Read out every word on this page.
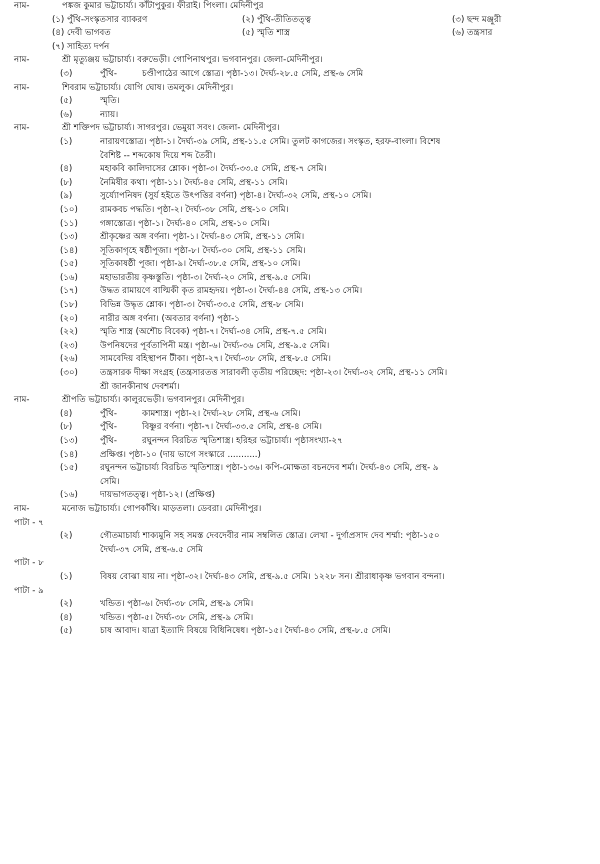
নাম-	পঙ্কজ কুমার ভট্টাচার্য্য। কাঁটাপুকুর। ফীরাই। পিংলা। মেদিনীপুর
(১) পুঁথি-সংস্কৃতসার ব্যাকরণ	(২) পুঁথি-তীতিতত্ত্ব	(৩) ছন্দ মঞ্জুরী
(৪) দেবী ভাগবত	(৫) স্মৃতি শাস্ত্র	(৬) তন্ত্রসার
(৭) সাহিত্য দর্পন
নাম-	শ্রী মৃত্যুঞ্জয় ভট্টাচার্য্য। বরুভেড়ী। গোপিনাথপুর। ভগবানপুর। জেলা-মেদিনীপুর।
(৩)	পুঁথি-	চণ্ডীপাঠের আগে স্তোত্র। পৃষ্ঠা-১৩। দৈর্ঘ্য-২৮.৫ সেমি, প্রস্থ-৬ সেমি
নাম-	শিবরাম ভট্টাচার্য্য। যোগি ঘোষ। তমলুক। মেদিনীপুর।
(৫)	স্মৃতি।
(৬)	ন্যায়।
নাম-	শ্রী শক্তিপদ ভট্টাচার্য্য। সাগরপুর। ভেমুয়া সবং। জেলা- মেদিনীপুর।
(১)	নারায়ণস্তোত্র। পৃষ্ঠা-১। দৈর্ঘ্য-৩৯ সেমি, প্রস্থ-১১.৫ সেমি। তুলট কাগজের। সংস্কৃত, হরফ-বাংলা। বিশেষ
বৈশিষ্ট -- শব্দকোষ দিয়ে শব্দ তৈরী।
(৪)	মহাকবি কালিদাসের শ্লোক। পৃষ্ঠা-৩। দৈর্ঘ্য-৩৩.৫ সেমি, প্রস্থ-৭ সেমি।
(৮)	নৈমিষীর কথা। পৃষ্ঠা-১১। দৈর্ঘ্য-৪৫ সেমি, প্রস্থ-১১ সেমি।
(৯)	সুর্য্যোপনিষদ (সুর্য হইতে উৎপত্তির বর্ণনা) পৃষ্ঠা-৪। দৈর্ঘ্য-৩২ সেমি, প্রস্থ-১০ সেমি।
(১০)	রামকবচ পদ্ধতি। পৃষ্ঠা-২। দৈর্ঘ্য-৩৮ সেমি, প্রস্থ-১০ সেমি।
(১১)	গঙ্গাস্তোত্র। পৃষ্ঠা-১। দৈর্ঘ্য-৪০ সেমি, প্রস্থ-১০ সেমি।
(১৩)	শ্রীকৃষ্ণের অঙ্গ বর্ণনা। পৃষ্ঠা-১। দৈর্ঘ্য-৪৩ সেমি, প্রস্থ-১১ সেমি।
(১৪)	সূতিকাগৃহে ষষ্ঠীপূজা। পৃষ্ঠা-৮। দৈর্ঘ্য-৩০ সেমি, প্রস্থ-১১ সেমি।
(১৫)	সূতিকাষষ্ঠী পূজা। পৃষ্ঠা-৯। দৈর্ঘ্য-৩৮.৫ সেমি, প্রস্থ-১০ সেমি।
(১৬)	মহাভারতীয় কৃষ্ণস্তুতি। পৃষ্ঠা-৩। দৈর্ঘ্য-২০ সেমি, প্রস্থ-৯.৫ সেমি।
(১৭)	উদ্ধত রামায়ণে বাল্মিকী কৃত রামহৃদয়। পৃষ্ঠা-৩। দৈর্ঘ্য-৪৪ সেমি, প্রস্থ-১৩ সেমি।
(১৮)	বিভিন্ন উদ্ধৃত শ্লোক। পৃষ্ঠা-৩। দৈর্ঘ্য-৩৩.৫ সেমি, প্রস্থ-৮ সেমি।
(২০)	নারীর অঙ্গ বর্ণনা। (অবতার বর্ণনা) পৃষ্ঠা-১
(২২)	স্মৃতি শাস্ত্র (অশৌচ বিবেক) পৃষ্ঠা-৭। দৈর্ঘ্য-৩৪ সেমি, প্রস্থ-৭.৫ সেমি।
(২৩)	উপনিষদের পূর্বতাপিনী মন্ত্র। পৃষ্ঠা-৬। দৈর্ঘ্য-৩৬ সেমি, প্রস্থ-৯.৫ সেমি।
(২৬)	সামবেদিয় বহিস্থাপন টীকা। পৃষ্ঠা-২৭। দৈর্ঘ্য-৩৮ সেমি, প্রস্থ-৮.৫ সেমি।
(৩০)	তন্ত্রসারক দীক্ষা সংগ্রহ (তন্ত্রসারতত্ত সারাবলী তৃতীয় পরিচ্ছেদ: পৃষ্ঠা-২৩। দৈর্ঘ্য-৩২ সেমি, প্রস্থ-১১ সেমি।
শ্রী জানকীনাথ দেবশর্মা।
নাম-	শ্রীপতি ভট্টাচার্য্য। কালুরভেড়ী। ভগবানপুর। মেদিনীপুর।
(৪)	পুঁথি-	কামশাস্ত্র। পৃষ্ঠা-২। দৈর্ঘ্য-২৮ সেমি, প্রস্থ-৬ সেমি।
(৮)	পুঁথি-	বিষ্ণুর বর্ণনা। পৃষ্ঠা-৭। দৈর্ঘ্য-৩৩.৫ সেমি, প্রস্থ-৪ সেমি।
(১৩)	পুঁথি-	রঘুনন্দন বিরচিত স্মৃতিশাস্ত্র। হরিহর ভট্টাচার্য্য। পৃষ্ঠাসংখ্যা-২৭
(১৪)	প্রক্ষিপ্ত। পৃষ্ঠা-১০ (দায় ভাগে সংস্কারে ...........)
(১৫)	রঘুনন্দন ভট্টাচার্য্য বিরচিত স্মৃতিশাস্ত্র। পৃষ্ঠা-১৩৬। কপি-মোক্ষতা বচনদেব শর্মা। দৈর্ঘ্য-৪৩ সেমি, প্রস্থ- ৯
সেমি।
(১৬)	দায়ভাগতত্ত্ব। পৃষ্ঠা-১২। (প্রক্ষিপ্ত)
নাম-	মনোজ ভট্টাচার্য্য। গোপকাঁথি। মাড়তলা। ডেবরা। মেদিনীপুর।
পাটা - ৭
(২)	গৌতমাচার্য্য শাক্যমুনি সহ সমস্ত দেবদেবীর নাম সম্বলিত স্তোত্র। লেখা - দুর্গাপ্রসাদ দেব শর্ম্মা: পৃষ্ঠা-১৫০
দৈর্ঘ্য-৩৭ সেমি, প্রস্থ-৬.৫ সেমি
পাটা - ৮
(১)	বিষয় বোঝা যায় না। পৃষ্ঠা-৩২। দৈর্ঘ্য-৪৩ সেমি, প্রস্থ-৯.৫ সেমি। ১২২৮ সন। শ্রীরাধাকৃষ্ণ ভগবান বন্দনা।
পাটা - ৯
(২)	খন্ডিত। পৃষ্ঠা-৬। দৈর্ঘ্য-৩৮ সেমি, প্রস্থ-৯ সেমি।
(৪)	খন্ডিত। পৃষ্ঠা-৫। দৈর্ঘ্য-৩৮ সেমি, প্রস্থ-৯ সেমি।
(৫)	চাষ আবাদ। যাত্রা ইত্যাদি বিষয়ে বিধিনিষেধ। পৃষ্ঠা-১৫। দৈর্ঘ্য-৪৩ সেমি, প্রস্থ-৮.৫ সেমি।
